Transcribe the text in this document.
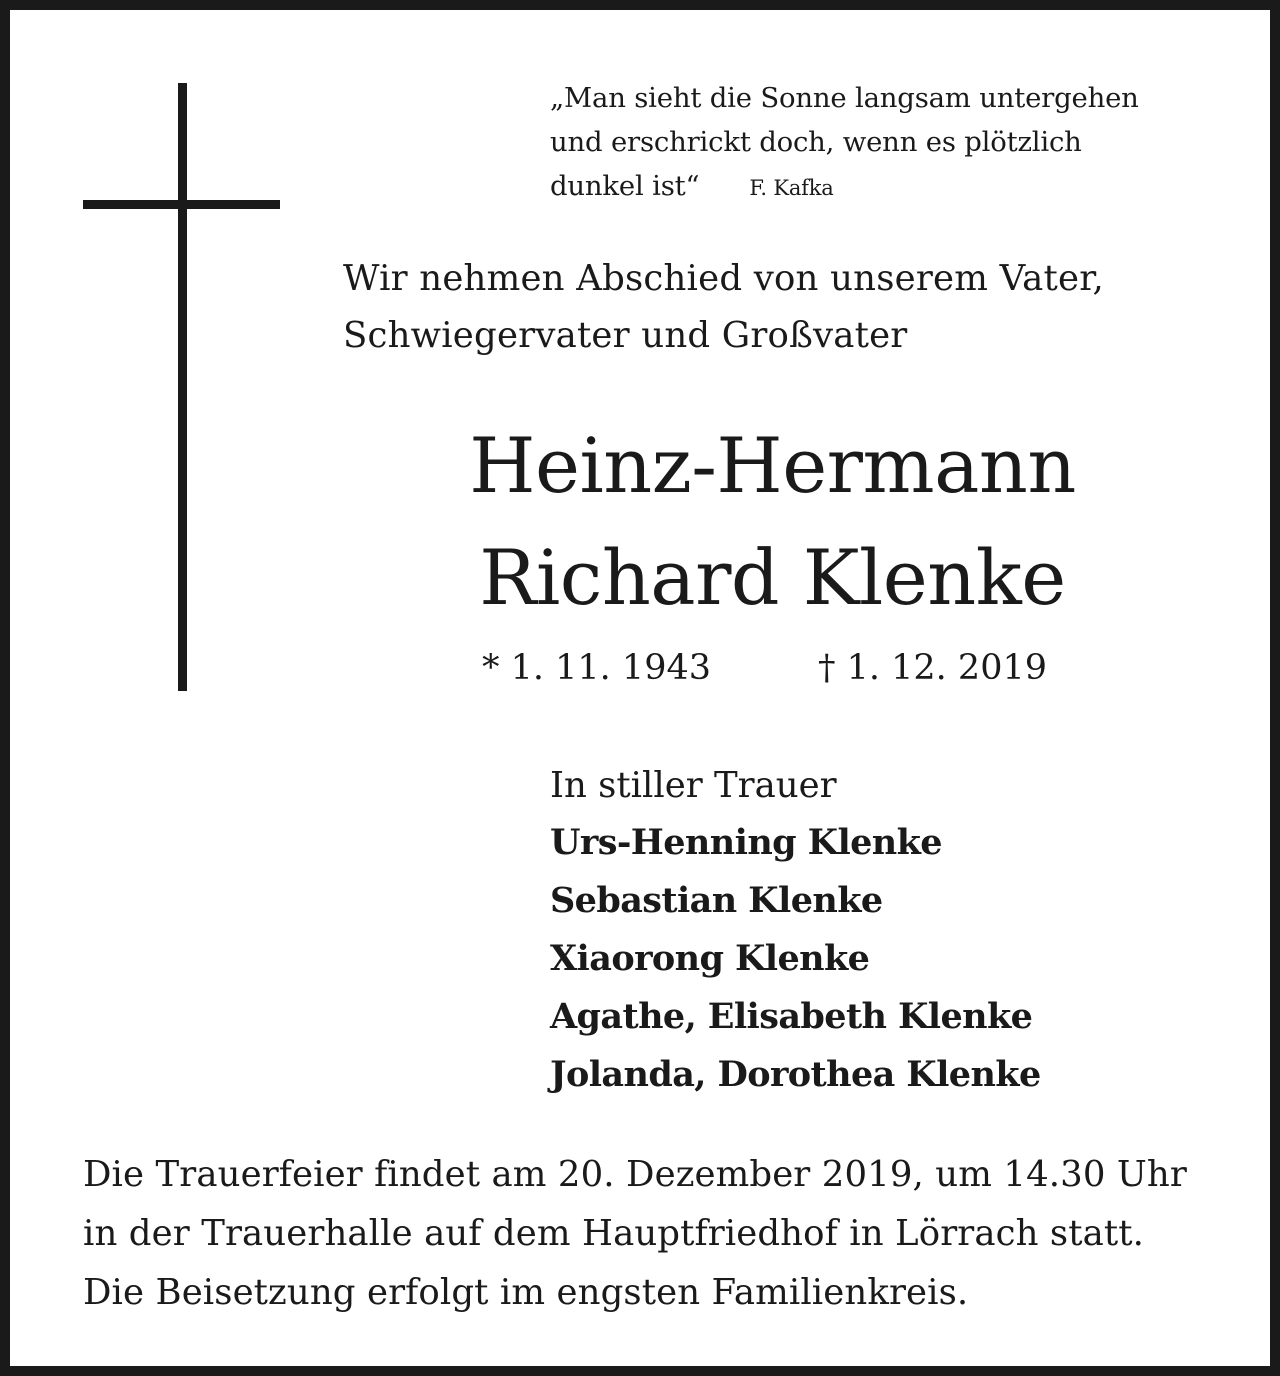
„Man sieht die Sonne langsam untergehen
und erschrickt doch, wenn es plötzlich
dunkel ist“ F. Kafka
Wir nehmen Abschied von unserem Vater,
Schwiegervater und Großvater
Heinz-Hermann
Richard Klenke
* 1. 11. 1943	† 1. 12. 2019
In stiller Trauer
Urs-Henning Klenke
Sebastian Klenke
Xiaorong Klenke
Agathe, Elisabeth Klenke
Jolanda, Dorothea Klenke
Die Trauerfeier findet am 20. Dezember 2019, um 14.30 Uhr
in der Trauerhalle auf dem Hauptfriedhof in Lörrach statt.
Die Beisetzung erfolgt im engsten Familienkreis.
